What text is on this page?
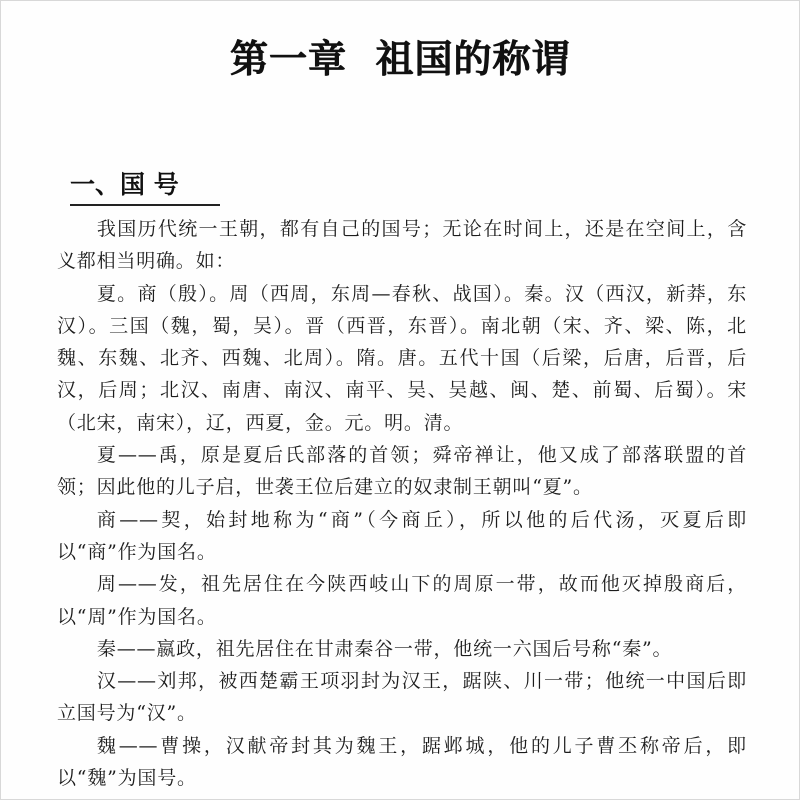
第一章  祖国的称谓
一、国 号

我国历代统一王朝，都有自己的国号；无论在时间上，还是在空间上，含义都相当明确。如：

夏。商（殷）。周（西周，东周—春秋、战国）。秦。汉（西汉，新莽，东汉）。三国（魏，蜀，吴）。晋（西晋，东晋）。南北朝（宋、齐、梁、陈，北魏、东魏、北齐、西魏、北周）。隋。唐。五代十国（后梁，后唐，后晋，后汉，后周；北汉、南唐、南汉、南平、吴、吴越、闽、楚、前蜀、后蜀）。宋（北宋，南宋），辽，西夏，金。元。明。清。

夏——禹，原是夏后氏部落的首领；舜帝禅让，他又成了部落联盟的首领；因此他的儿子启，世袭王位后建立的奴隶制王朝叫“夏”。

商——契，始封地称为“商”（今商丘），所以他的后代汤，灭夏后即以“商”作为国名。

周——发，祖先居住在今陕西岐山下的周原一带，故而他灭掉殷商后，以“周”作为国名。

秦——嬴政，祖先居住在甘肃秦谷一带，他统一六国后号称“秦”。

汉——刘邦，被西楚霸王项羽封为汉王，踞陕、川一带；他统一中国后即立国号为“汉”。

魏——曹操，汉献帝封其为魏王，踞邺城，他的儿子曹丕称帝后，即以“魏”为国号。
